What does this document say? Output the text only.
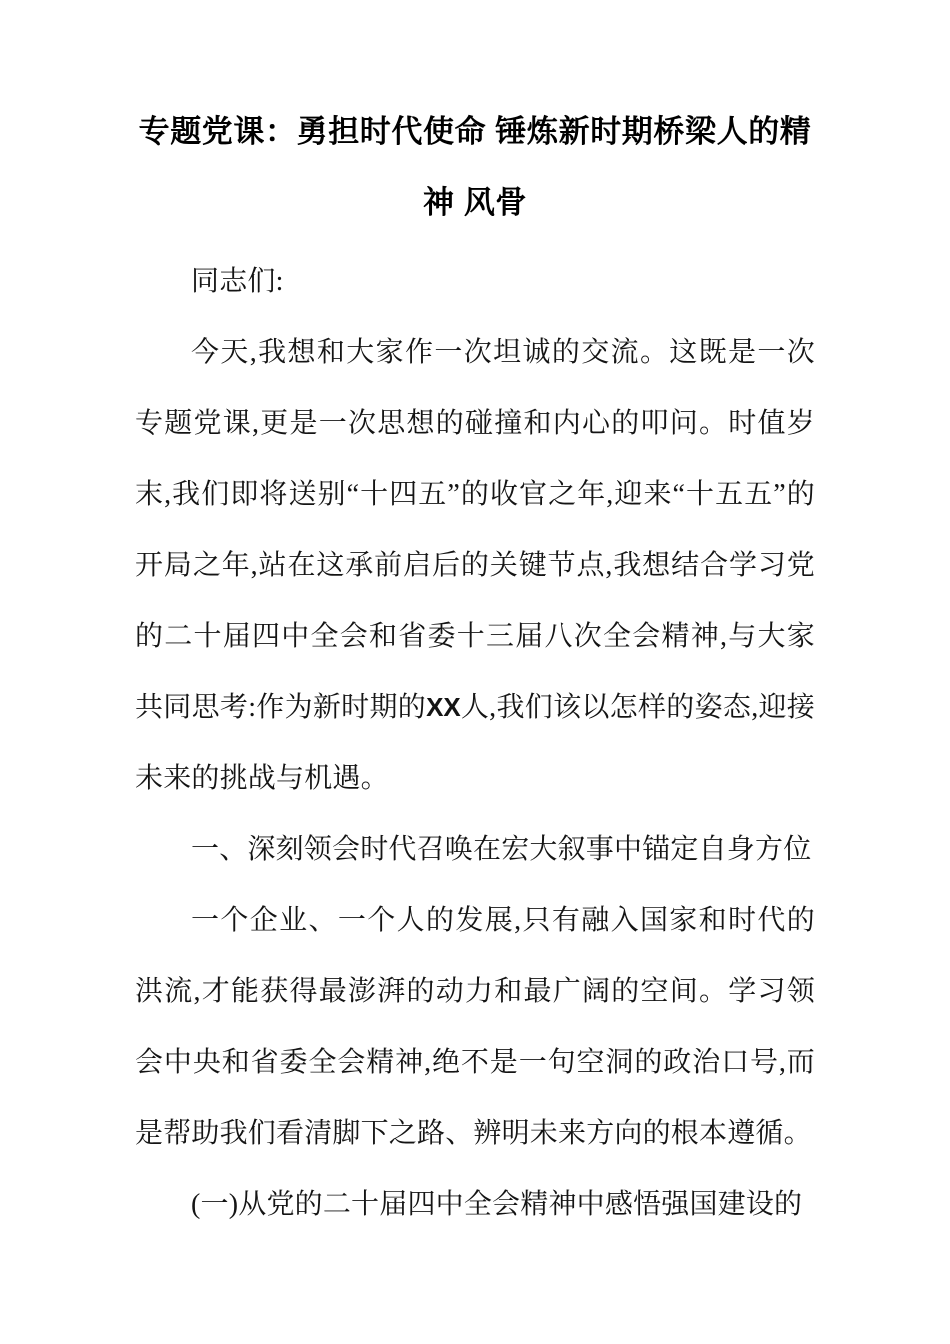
专题党课：勇担时代使命 锤炼新时期桥梁人的精神 风骨

同志们:

今天,我想和大家作一次坦诚的交流。这既是一次专题党课,更是一次思想的碰撞和内心的叩问。时值岁末,我们即将送别“十四五”的收官之年,迎来“十五五”的开局之年,站在这承前启后的关键节点,我想结合学习党的二十届四中全会和省委十三届八次全会精神,与大家共同思考:作为新时期的XX人,我们该以怎样的姿态,迎接未来的挑战与机遇。

一、深刻领会时代召唤在宏大叙事中锚定自身方位

一个企业、一个人的发展,只有融入国家和时代的洪流,才能获得最澎湃的动力和最广阔的空间。学习领会中央和省委全会精神,绝不是一句空洞的政治口号,而是帮助我们看清脚下之路、辨明未来方向的根本遵循。

(一)从党的二十届四中全会精神中感悟强国建设的
